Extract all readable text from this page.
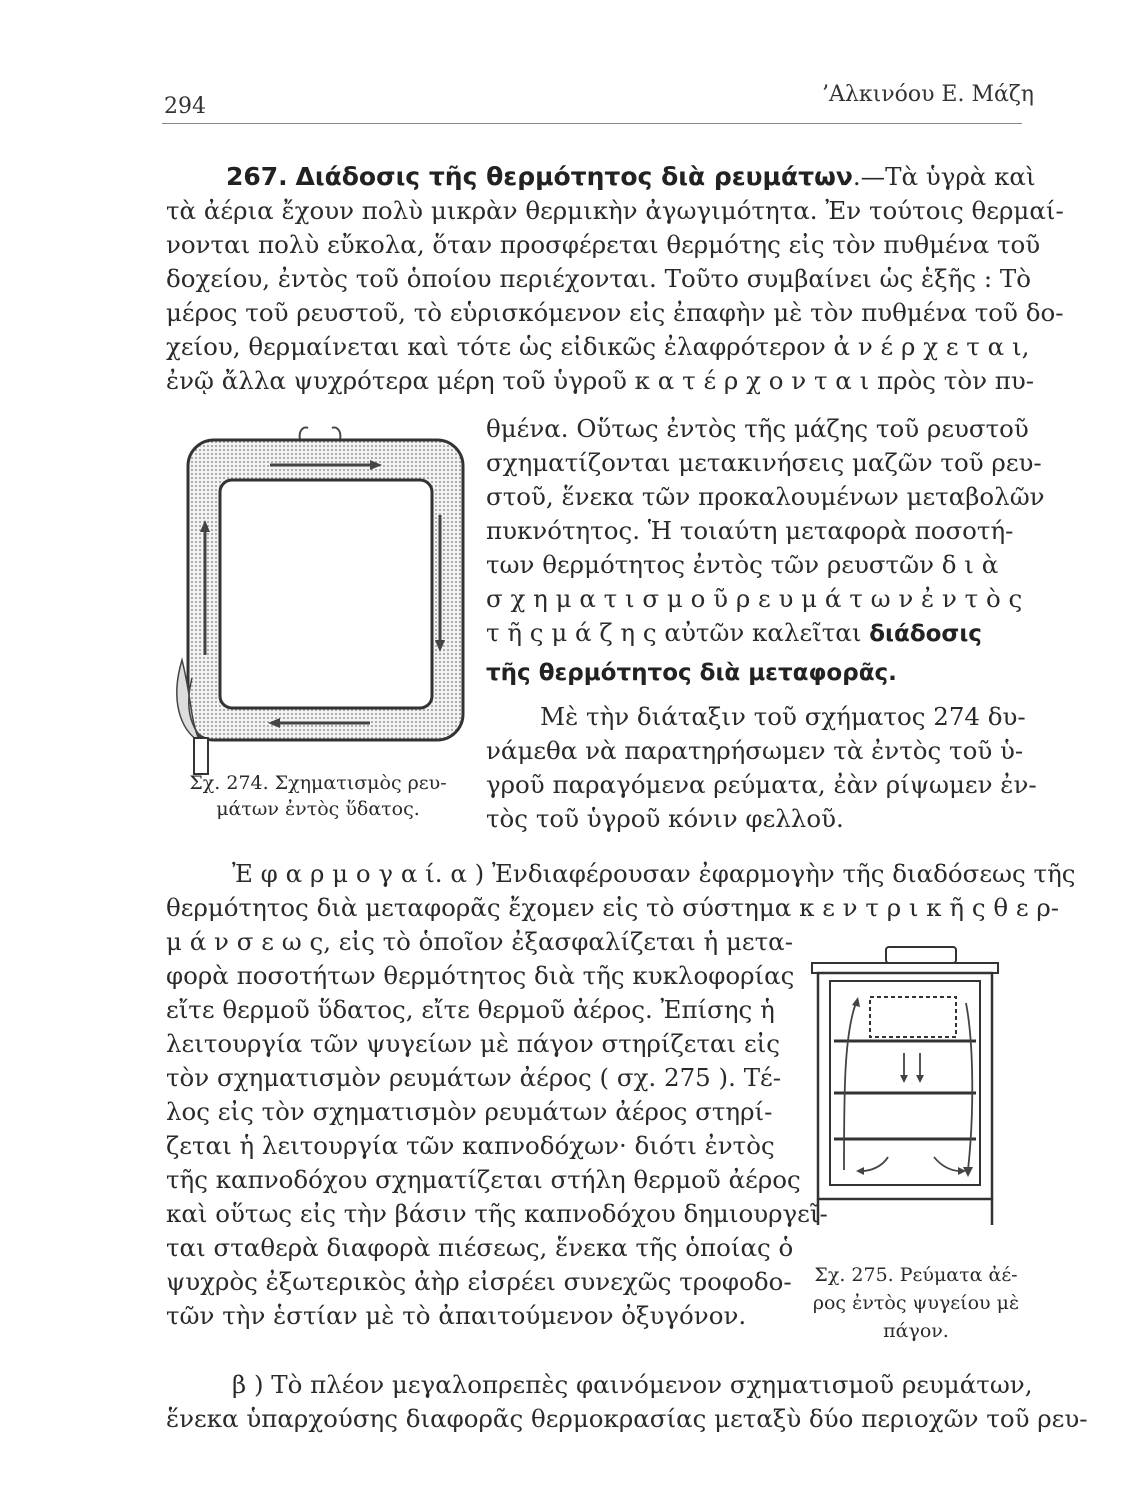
294	’Αλκινόου Ε. Μάζη
267. Διάδοσις τῆς θερμότητος διὰ ρευμάτων.—Τὰ ὑγρὰ καὶ
τὰ ἀέρια ἔχουν πολὺ μικρὰν θερμικὴν ἀγωγιμότητα. Ἐν τούτοις θερμαί-
νονται πολὺ εὔκολα, ὅταν προσφέρεται θερμότης εἰς τὸν πυθμένα τοῦ
δοχείου, ἐντὸς τοῦ ὁποίου περιέχονται. Τοῦτο συμβαίνει ὡς ἑξῆς : Τὸ
μέρος τοῦ ρευστοῦ, τὸ εὑρισκόμενον εἰς ἐπαφὴν μὲ τὸν πυθμένα τοῦ δο-
χείου, θερμαίνεται καὶ τότε ὡς εἰδικῶς ἐλαφρότερον ἀ ν έ ρ χ ε τ α ι,
ἐνῷ ἄλλα ψυχρότερα μέρη τοῦ ὑγροῦ κ α τ έ ρ χ ο ν τ α ι πρὸς τὸν πυ-
θμένα. Οὕτως ἐντὸς τῆς μάζης τοῦ ρευστοῦ
σχηματίζονται μετακινήσεις μαζῶν τοῦ ρευ-
στοῦ, ἕνεκα τῶν προκαλουμένων μεταβολῶν
πυκνότητος. Ἡ τοιαύτη μεταφορὰ ποσοτή-
των θερμότητος ἐντὸς τῶν ρευστῶν δ ι ὰ
σ χ η μ α τ ι σ μ ο ῦ ρ ε υ μ ά τ ω ν ἐ ν τ ὸ ς
τ ῆ ς μ ά ζ η ς αὐτῶν καλεῖται διάδοσις
τῆς θερμότητος διὰ μεταφορᾶς.
Μὲ τὴν διάταξιν τοῦ σχήματος 274 δυ-
νάμεθα νὰ παρατηρήσωμεν τὰ ἐντὸς τοῦ ὑ-
γροῦ παραγόμενα ρεύματα, ἐὰν ρίψωμεν ἐν-
τὸς τοῦ ὑγροῦ κόνιν φελλοῦ.
Σχ. 274. Σχηματισμὸς ρευ-
μάτων ἐντὸς ὕδατος.
Ἐ φ α ρ μ ο γ α ί. α ) Ἐνδιαφέρουσαν ἐφαρμογὴν τῆς διαδόσεως τῆς
θερμότητος διὰ μεταφορᾶς ἔχομεν εἰς τὸ σύστημα κ ε ν τ ρ ι κ ῆ ς θ ε ρ-
μ ά ν σ ε ω ς, εἰς τὸ ὁποῖον ἐξασφαλίζεται ἡ μετα-
φορὰ ποσοτήτων θερμότητος διὰ τῆς κυκλοφορίας
εἴτε θερμοῦ ὕδατος, εἴτε θερμοῦ ἀέρος. Ἐπίσης ἡ
λειτουργία τῶν ψυγείων μὲ πάγον στηρίζεται εἰς
τὸν σχηματισμὸν ρευμάτων ἀέρος ( σχ. 275 ). Τέ-
λος εἰς τὸν σχηματισμὸν ρευμάτων ἀέρος στηρί-
ζεται ἡ λειτουργία τῶν καπνοδόχων· διότι ἐντὸς
τῆς καπνοδόχου σχηματίζεται στήλη θερμοῦ ἀέρος
καὶ οὕτως εἰς τὴν βάσιν τῆς καπνοδόχου δημιουργεῖ-
ται σταθερὰ διαφορὰ πιέσεως, ἕνεκα τῆς ὁποίας ὁ
ψυχρὸς ἐξωτερικὸς ἀὴρ εἰσρέει συνεχῶς τροφοδο-
τῶν τὴν ἑστίαν μὲ τὸ ἀπαιτούμενον ὀξυγόνον.
Σχ. 275. Ρεύματα ἀέ-
ρος ἐντὸς ψυγείου μὲ
πάγον.
β ) Τὸ πλέον μεγαλοπρεπὲς φαινόμενον σχηματισμοῦ ρευμάτων,
ἕνεκα ὑπαρχούσης διαφορᾶς θερμοκρασίας μεταξὺ δύο περιοχῶν τοῦ ρευ-
